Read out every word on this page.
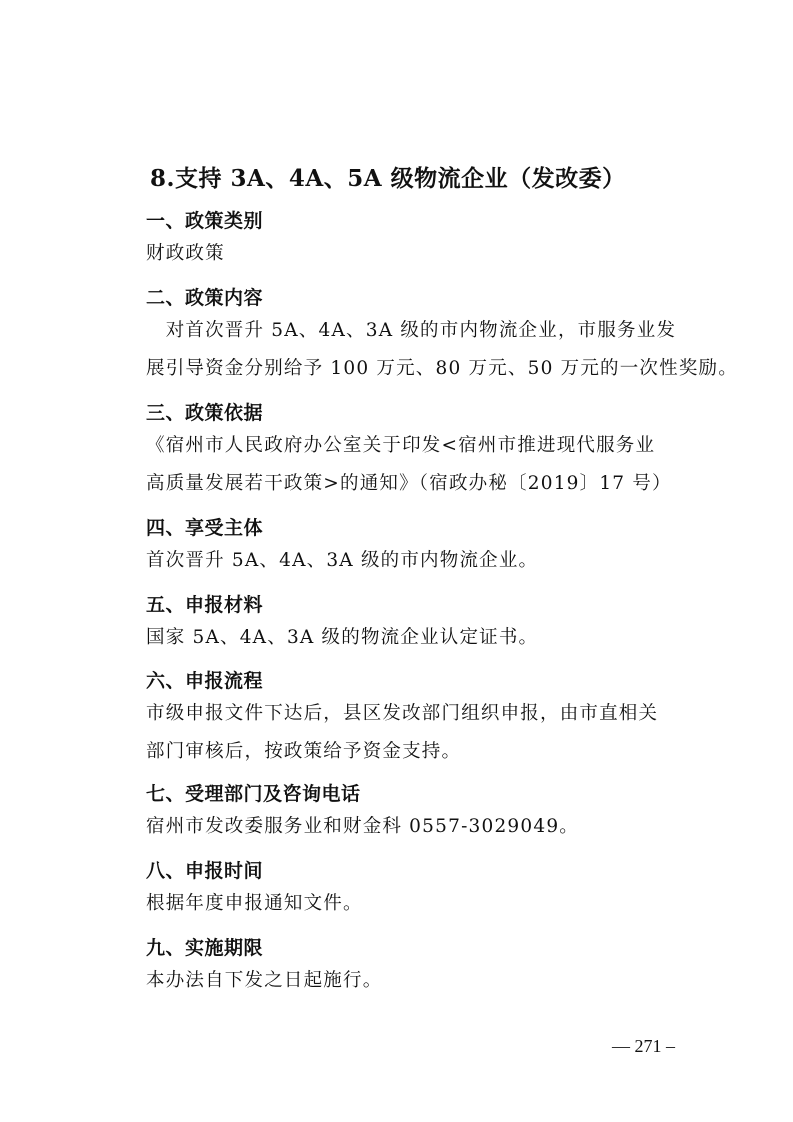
8.支持 3A、4A、5A 级物流企业（发改委）
一、政策类别
财政政策
二、政策内容
　对首次晋升 5A、4A、3A 级的市内物流企业，市服务业发
展引导资金分别给予 100 万元、80 万元、50 万元的一次性奖励。
三、政策依据
《宿州市人民政府办公室关于印发<宿州市推进现代服务业
高质量发展若干政策>的通知》（宿政办秘〔2019〕17 号）
四、享受主体
首次晋升 5A、4A、3A 级的市内物流企业。
五、申报材料
国家 5A、4A、3A 级的物流企业认定证书。
六、申报流程
市级申报文件下达后，县区发改部门组织申报，由市直相关
部门审核后，按政策给予资金支持。
七、受理部门及咨询电话
宿州市发改委服务业和财金科 0557-3029049。
八、申报时间
根据年度申报通知文件。
九、实施期限
本办法自下发之日起施行。
— 271 –
